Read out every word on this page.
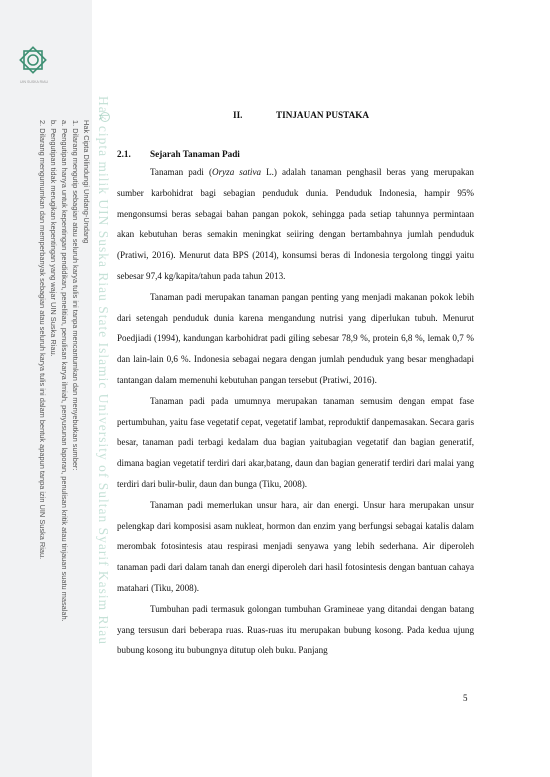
UIN SUSKA RIAU
Hak Cipta Dilindungi Undang-Undang
1. Dilarang mengutip sebagian atau seluruh karya tulis ini tanpa mencantumkan dan menyebutkan sumber:
a. Pengutipan hanya untuk kepentingan pendidikan, penelitian, penulisan karya ilmiah, penyusunan laporan, penulisan kritik atau tinjauan suatu masalah.
b. Pengutipan tidak merugikan kepentingan yang wajar UIN Suska Riau.
2. Dilarang mengumumkan dan memperbanyak sebagian atau seluruh karya tulis ini dalam bentuk apapun tanpa izin UIN Suska Riau.	Hak cipta milik UIN Suska Riau State Islamic University of Sultan Syarif Kasim Riau	II.	TINJAUAN PUSTAKA
2.1. Sejarah Tanaman Padi

Tanaman padi (Oryza sativa L.) adalah tanaman penghasil beras yang merupakan sumber karbohidrat bagi sebagian penduduk dunia. Penduduk Indonesia, hampir 95% mengonsumsi beras sebagai bahan pangan pokok, sehingga pada setiap tahunnya permintaan akan kebutuhan beras semakin meningkat seiiring dengan bertambahnya jumlah penduduk (Pratiwi, 2016). Menurut data BPS (2014), konsumsi beras di Indonesia tergolong tinggi yaitu sebesar 97,4 kg/kapita/tahun pada tahun 2013.

Tanaman padi merupakan tanaman pangan penting yang menjadi makanan pokok lebih dari setengah penduduk dunia karena mengandung nutrisi yang diperlukan tubuh. Menurut Poedjiadi (1994), kandungan karbohidrat padi giling sebesar 78,9 %, protein 6,8 %, lemak 0,7 % dan lain-lain 0,6 %. Indonesia sebagai negara dengan jumlah penduduk yang besar menghadapi tantangan dalam memenuhi kebutuhan pangan tersebut (Pratiwi, 2016).

Tanaman padi pada umumnya merupakan tanaman semusim dengan empat fase pertumbuhan, yaitu fase vegetatif cepat, vegetatif lambat, reproduktif danpemasakan. Secara garis besar, tanaman padi terbagi kedalam dua bagian yaitubagian vegetatif dan bagian generatif, dimana bagian vegetatif terdiri dari akar,batang, daun dan bagian generatif terdiri dari malai yang terdiri dari bulir-bulir, daun dan bunga (Tiku, 2008).

Tanaman padi memerlukan unsur hara, air dan energi. Unsur hara merupakan unsur pelengkap dari komposisi asam nukleat, hormon dan enzim yang berfungsi sebagai katalis dalam merombak fotosintesis atau respirasi menjadi senyawa yang lebih sederhana. Air diperoleh tanaman padi dari dalam tanah dan energi diperoleh dari hasil fotosintesis dengan bantuan cahaya matahari (Tiku, 2008).

Tumbuhan padi termasuk golongan tumbuhan Gramineae yang ditandai dengan batang yang tersusun dari beberapa ruas. Ruas-ruas itu merupakan bubung kosong. Pada kedua ujung bubung kosong itu bubungnya ditutup oleh buku. Panjang

5
